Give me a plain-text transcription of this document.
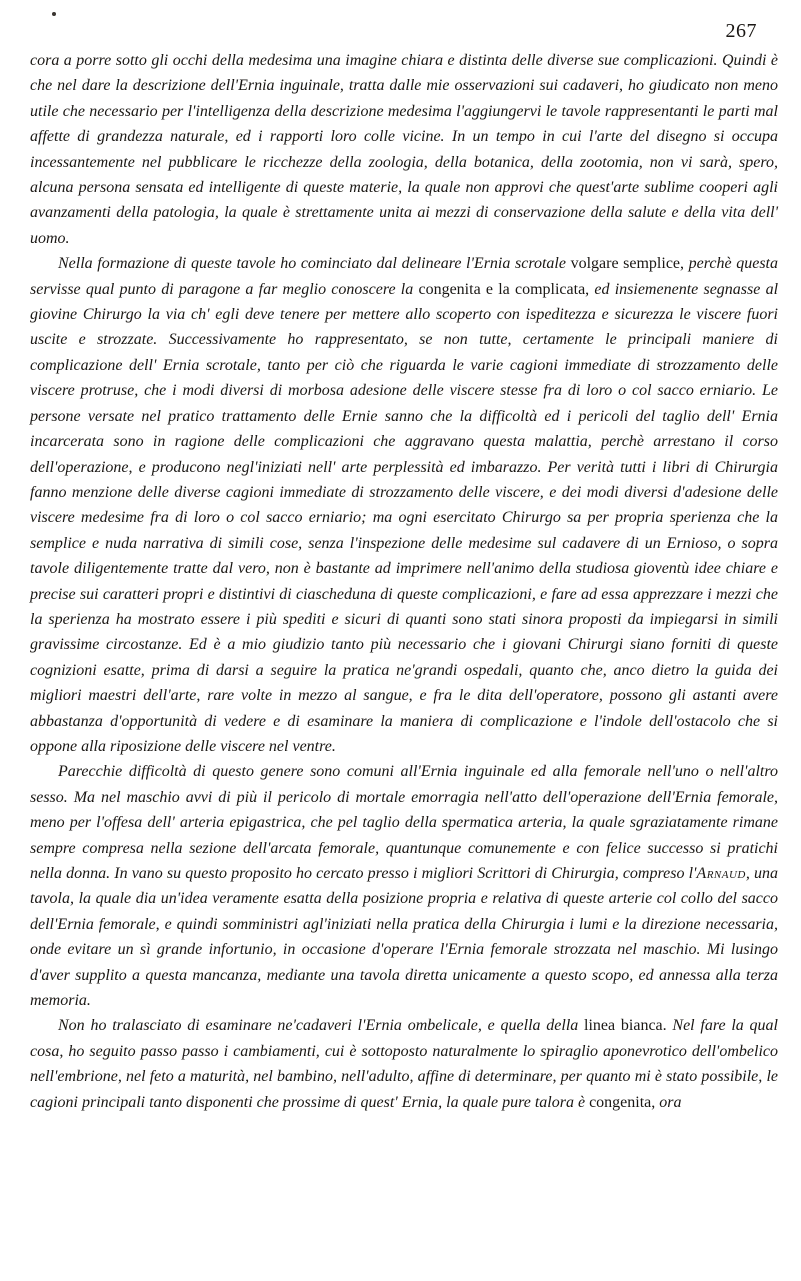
267

cora a porre sotto gli occhi della medesima una imagine chiara e distinta delle diverse sue complicazioni. Quindi è che nel dare la descrizione dell'Ernia inguinale, tratta dalle mie osservazioni sui cadaveri, ho giudicato non meno utile che necessario per l'intelligenza della descrizione medesima l'aggiungervi le tavole rappresentanti le parti mal affette di grandezza naturale, ed i rapporti loro colle vicine. In un tempo in cui l'arte del disegno si occupa incessantemente nel pubblicare le ricchezze della zoologia, della botanica, della zootomia, non vi sarà, spero, alcuna persona sensata ed intelligente di queste materie, la quale non approvi che quest'arte sublime cooperi agli avanzamenti della patologia, la quale è strettamente unita ai mezzi di conservazione della salute e della vita dell' uomo.

Nella formazione di queste tavole ho cominciato dal delineare l'Ernia scrotale volgare semplice, perchè questa servisse qual punto di paragone a far meglio conoscere la congenita e la complicata, ed insiemenente segnasse al giovine Chirurgo la via ch' egli deve tenere per mettere allo scoperto con ispeditezza e sicurezza le viscere fuori uscite e strozzate. Successivamente ho rappresentato, se non tutte, certamente le principali maniere di complicazione dell' Ernia scrotale, tanto per ciò che riguarda le varie cagioni immediate di strozzamento delle viscere protruse, che i modi diversi di morbosa adesione delle viscere stesse fra di loro o col sacco erniario. Le persone versate nel pratico trattamento delle Ernie sanno che la difficoltà ed i pericoli del taglio dell' Ernia incarcerata sono in ragione delle complicazioni che aggravano questa malattia, perchè arrestano il corso dell'operazione, e producono negl'iniziati nell' arte perplessità ed imbarazzo. Per verità tutti i libri di Chirurgia fanno menzione delle diverse cagioni immediate di strozzamento delle viscere, e dei modi diversi d'adesione delle viscere medesime fra di loro o col sacco erniario; ma ogni esercitato Chirurgo sa per propria sperienza che la semplice e nuda narrativa di simili cose, senza l'inspezione delle medesime sul cadavere di un Ernioso, o sopra tavole diligentemente tratte dal vero, non è bastante ad imprimere nell'animo della studiosa gioventù idee chiare e precise sui caratteri propri e distintivi di ciascheduna di queste complicazioni, e fare ad essa apprezzare i mezzi che la sperienza ha mostrato essere i più spediti e sicuri di quanti sono stati sinora proposti da impiegarsi in simili gravissime circostanze. Ed è a mio giudizio tanto più necessario che i giovani Chirurgi siano forniti di queste cognizioni esatte, prima di darsi a seguire la pratica ne'grandi ospedali, quanto che, anco dietro la guida dei migliori maestri dell'arte, rare volte in mezzo al sangue, e fra le dita dell'operatore, possono gli astanti avere abbastanza d'opportunità di vedere e di esaminare la maniera di complicazione e l'indole dell'ostacolo che si oppone alla riposizione delle viscere nel ventre.

Parecchie difficoltà di questo genere sono comuni all'Ernia inguinale ed alla femorale nell'uno o nell'altro sesso. Ma nel maschio avvi di più il pericolo di mortale emorragia nell'atto dell'operazione dell'Ernia femorale, meno per l'offesa dell' arteria epigastrica, che pel taglio della spermatica arteria, la quale sgraziatamente rimane sempre compresa nella sezione dell'arcata femorale, quantunque comunemente e con felice successo si pratichi nella donna. In vano su questo proposito ho cercato presso i migliori Scrittori di Chirurgia, compreso l'Arnaud, una tavola, la quale dia un'idea veramente esatta della posizione propria e relativa di queste arterie col collo del sacco dell'Ernia femorale, e quindi somministri agl'iniziati nella pratica della Chirurgia i lumi e la direzione necessaria, onde evitare un sì grande infortunio, in occasione d'operare l'Ernia femorale strozzata nel maschio. Mi lusingo d'aver supplito a questa mancanza, mediante una tavola diretta unicamente a questo scopo, ed annessa alla terza memoria.

Non ho tralasciato di esaminare ne'cadaveri l'Ernia ombelicale, e quella della linea bianca. Nel fare la qual cosa, ho seguito passo passo i cambiamenti, cui è sottoposto naturalmente lo spiraglio aponevrotico dell'ombelico nell'embrione, nel feto a maturità, nel bambino, nell'adulto, affine di determinare, per quanto mi è stato possibile, le cagioni principali tanto disponenti che prossime di quest' Ernia, la quale pure talora è congenita, ora
